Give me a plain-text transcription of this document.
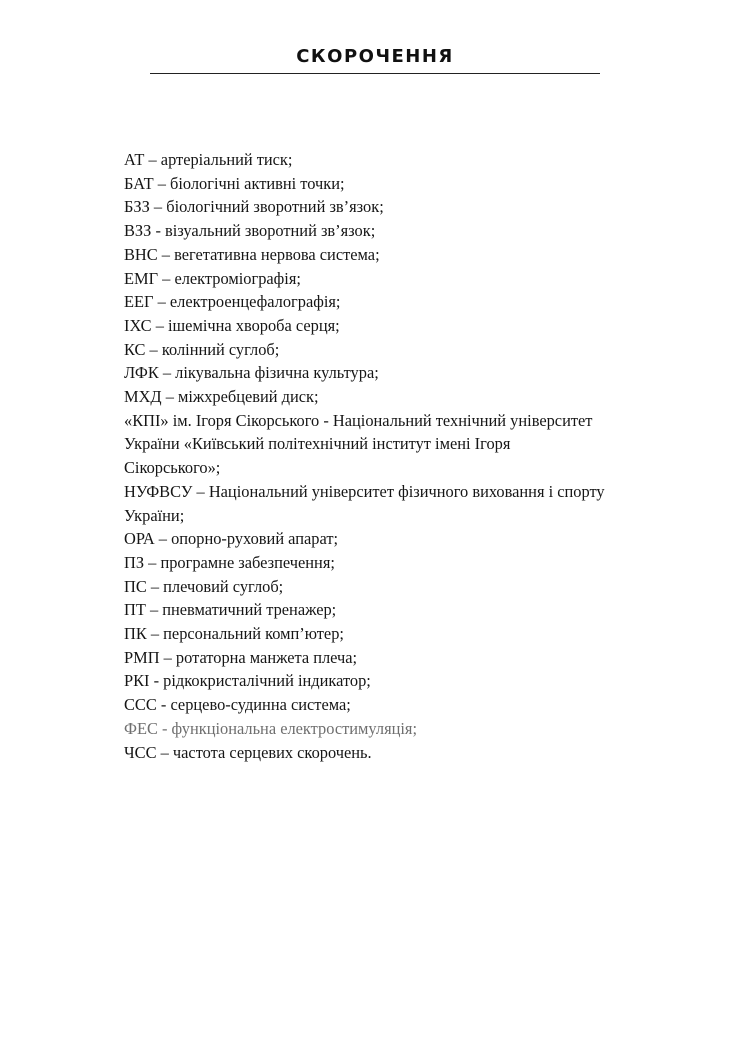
СКОРОЧЕННЯ
АТ – артеріальний тиск;
БАТ – біологічні активні точки;
БЗЗ – біологічний зворотний зв’язок;
ВЗЗ - візуальний зворотний зв’язок;
ВНС – вегетативна нервова система;
ЕМГ – електроміографія;
ЕЕГ – електроенцефалографія;
ІХС – ішемічна хвороба серця;
КС – колінний суглоб;
ЛФК – лікувальна фізична культура;
МХД – міжхребцевий диск;
«КПІ» ім. Ігоря Сікорського - Національний технічний університет
України «Київський політехнічний інститут імені Ігоря
Сікорського»;
НУФВСУ – Національний університет фізичного виховання і спорту
України;
ОРА – опорно-руховий апарат;
ПЗ – програмне забезпечення;
ПС – плечовий суглоб;
ПТ – пневматичний тренажер;
ПК – персональний комп’ютер;
РМП – ротаторна манжета плеча;
РКІ - рідкокристалічний індикатор;
ССС - серцево-судинна система;
ФЕС - функціональна електростимуляція;
ЧСС – частота серцевих скорочень.
